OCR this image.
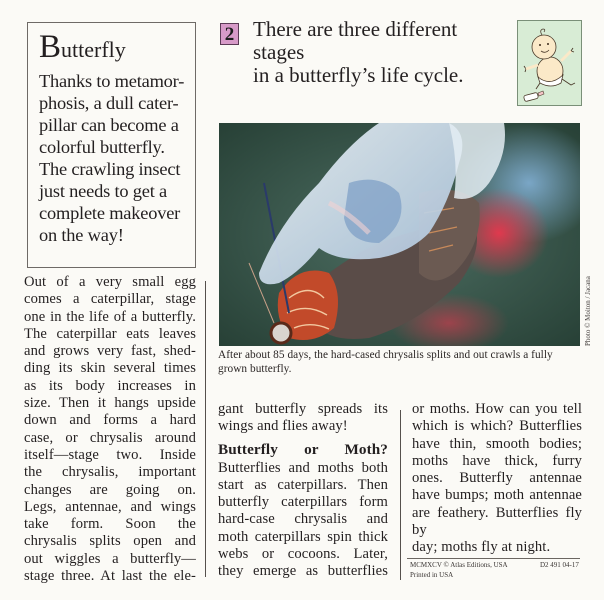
Butterfly

Thanks to metamor-
phosis, a dull cater-
pillar can become a
colorful butterfly.
The crawling insect
just needs to get a
complete makeover
on the way!

2 There are three different stages
in a butterfly’s life cycle.
Photo © Moiton / Jacana
After about 85 days, the hard-cased chrysalis splits and out crawls a fully
grown butterfly.

Out of a very small egg

comes a caterpillar, stage

one in the life of a butterfly.

The caterpillar eats leaves

and grows very fast, shed-

ding its skin several times

as its body increases in

size. Then it hangs upside

down and forms a hard

case, or chrysalis around

itself—stage two. Inside

the chrysalis, important

changes are going on.

Legs, antennae, and wings

take form. Soon the

chrysalis splits open and

out wiggles a butterfly—

stage three. At last the ele-

gant butterfly spreads its

wings and flies away!

Butterfly or Moth?

Butterflies and moths both

start as caterpillars. Then

butterfly caterpillars form

hard-case chrysalis and

moth caterpillars spin thick

webs or cocoons. Later,

they emerge as butterflies

or moths. How can you tell

which is which? Butterflies

have thin, smooth bodies;

moths have thick, furry

ones. Butterfly antennae

have bumps; moth antennae

are feathery. Butterflies fly by

day; moths fly at night.

MCMXCV © Atlas Editions, USA
Printed in USA
D2 491 04-17
